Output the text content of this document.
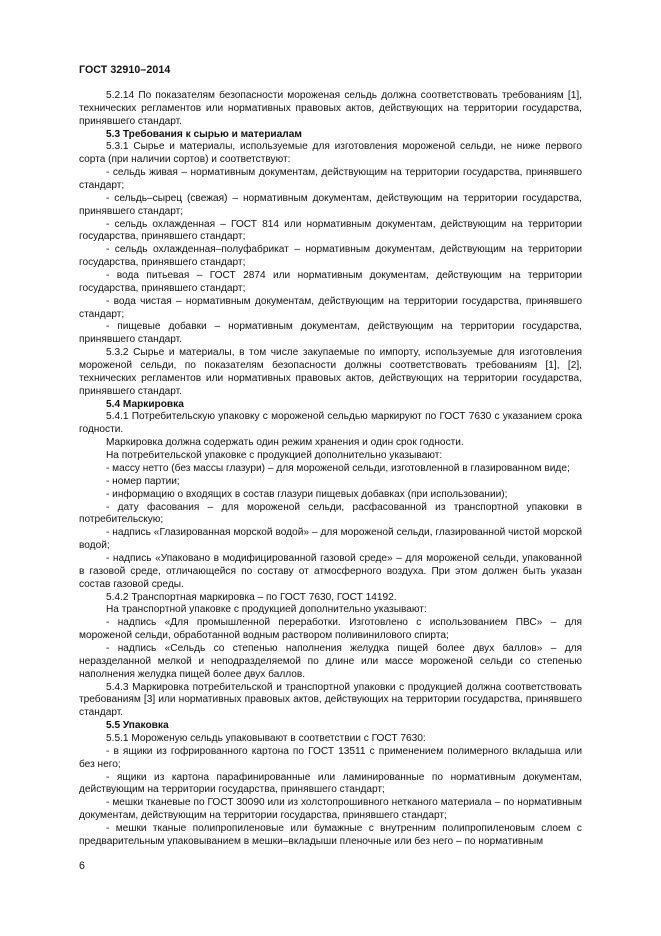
ГОСТ 32910–2014

5.2.14 По показателям безопасности мороженая сельдь должна соответствовать требованиям [1], технических регламентов или нормативных правовых актов, действующих на территории государства, принявшего стандарт.

5.3 Требования к сырью и материалам

5.3.1 Сырье и материалы, используемые для изготовления мороженой сельди, не ниже первого сорта (при наличии сортов) и соответствуют:

- сельдь живая – нормативным документам, действующим на территории государства, принявшего стандарт;

- сельдь–сырец (свежая) – нормативным документам, действующим на территории государства, принявшего стандарт;

- сельдь охлажденная – ГОСТ 814 или нормативным документам, действующим на территории государства, принявшего стандарт;

- сельдь охлажденная–полуфабрикат – нормативным документам, действующим на территории государства, принявшего стандарт;

- вода питьевая – ГОСТ 2874 или нормативным документам, действующим на территории государства, принявшего стандарт;

- вода чистая – нормативным документам, действующим на территории государства, принявшего стандарт;

- пищевые добавки – нормативным документам, действующим на территории государства, принявшего стандарт.

5.3.2 Сырье и материалы, в том числе закупаемые по импорту, используемые для изготовления мороженой сельди, по показателям безопасности должны соответствовать требованиям [1], [2], технических регламентов или нормативных правовых актов, действующих на территории государства, принявшего стандарт.

5.4 Маркировка

5.4.1 Потребительскую упаковку с мороженой сельдью маркируют по ГОСТ 7630 с указанием срока годности.

Маркировка должна содержать один режим хранения и один срок годности.

На потребительской упаковке с продукцией дополнительно указывают:

- массу нетто (без массы глазури) – для мороженой сельди, изготовленной в глазированном виде;

- номер партии;

- информацию о входящих в состав глазури пищевых добавках (при использовании);

- дату фасования – для мороженой сельди, расфасованной из транспортной упаковки в потребительскую;

- надпись «Глазированная морской водой» – для мороженой сельди, глазированной чистой морской водой;

- надпись «Упаковано в модифицированной газовой среде» – для мороженой сельди, упакованной в газовой среде, отличающейся по составу от атмосферного воздуха. При этом должен быть указан состав газовой среды.

5.4.2 Транспортная маркировка – по ГОСТ 7630, ГОСТ 14192.

На транспортной упаковке с продукцией дополнительно указывают:

- надпись «Для промышленной переработки. Изготовлено с использованием ПВС» – для мороженой сельди, обработанной водным раствором поливинилового спирта;

- надпись «Сельдь со степенью наполнения желудка пищей более двух баллов» – для неразделанной мелкой и неподразделяемой по длине или массе мороженой сельди со степенью наполнения желудка пищей более двух баллов.

5.4.3 Маркировка потребительской и транспортной упаковки с продукцией должна соответствовать требованиям [3] или нормативных правовых актов, действующих на территории государства, принявшего стандарт.

5.5 Упаковка

5.5.1 Мороженую сельдь упаковывают в соответствии с ГОСТ 7630:

- в ящики из гофрированного картона по ГОСТ 13511 с применением полимерного вкладыша или без него;

- ящики из картона парафинированные или ламинированные по нормативным документам, действующим на территории государства, принявшего стандарт;

- мешки тканевые по ГОСТ 30090 или из холстопрошивного нетканого материала – по нормативным документам, действующим на территории государства, принявшего стандарт;

- мешки тканые полипропиленовые или бумажные с внутренним полипропиленовым слоем с предварительным упаковыванием в мешки–вкладыши пленочные или без него – по нормативным

6
